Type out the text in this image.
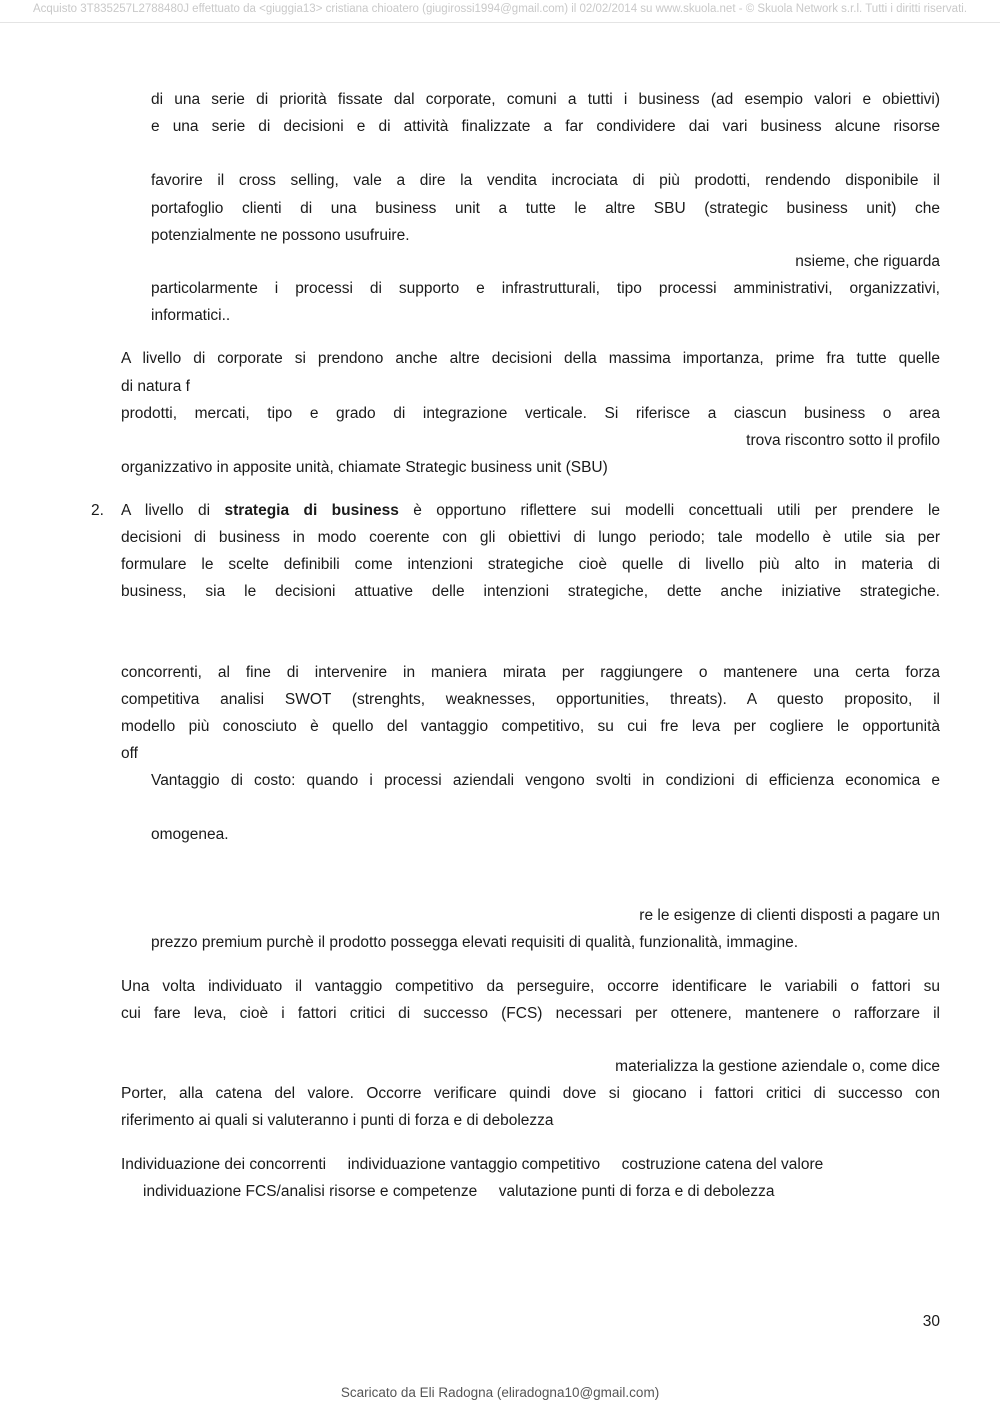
Acquisto 3T835257L2788480J effettuato da <giuggia13> cristiana chioatero (giugirossi1994@gmail.com) il 02/02/2014 su www.skuola.net - © Skuola Network s.r.l. Tutti i diritti riservati.
di una serie di priorità fissate dal corporate, comuni a tutti i business (ad esempio valori e obiettivi)
e una serie di decisioni e di attività finalizzate a far condividere dai vari business alcune risorse
favorire il cross selling, vale a dire la vendita incrociata di più prodotti, rendendo disponibile il
portafoglio clienti di una business unit a tutte le altre SBU (strategic business unit) che
potenzialmente ne possono usufruire.
nsieme, che riguarda
particolarmente i processi di supporto e infrastrutturali, tipo processi amministrativi, organizzativi,
informatici..
A livello di corporate si prendono anche altre decisioni della massima importanza, prime fra tutte quelle
di natura f
prodotti, mercati, tipo e grado di integrazione verticale. Si riferisce a ciascun business o area
trova riscontro sotto il profilo
organizzativo in apposite unità, chiamate Strategic business unit (SBU)
2. A livello di strategia di business è opportuno riflettere sui modelli concettuali utili per prendere le
decisioni di business in modo coerente con gli obiettivi di lungo periodo; tale modello è utile sia per
formulare le scelte definibili come intenzioni strategiche cioè quelle di livello più alto in materia di
business, sia le decisioni attuative delle intenzioni strategiche, dette anche iniziative strategiche.
concorrenti, al fine di intervenire in maniera mirata per raggiungere o mantenere una certa forza
competitiva analisi SWOT (strenghts, weaknesses, opportunities, threats). A questo proposito, il
modello più conosciuto è quello del vantaggio competitivo, su cui fre leva per cogliere le opportunità
off
Vantaggio di costo: quando i processi aziendali vengono svolti in condizioni di efficienza economica e
omogenea.
re le esigenze di clienti disposti a pagare un
prezzo premium purchè il prodotto possegga elevati requisiti di qualità, funzionalità, immagine.
Una volta individuato il vantaggio competitivo da perseguire, occorre identificare le variabili o fattori su
cui fare leva, cioè i fattori critici di successo (FCS) necessari per ottenere, mantenere o rafforzare il
materializza la gestione aziendale o, come dice
Porter, alla catena del valore. Occorre verificare quindi dove si giocano i fattori critici di successo con
riferimento ai quali si valuteranno i punti di forza e di debolezza
Individuazione dei concorrenti     individuazione vantaggio competitivo     costruzione catena del valore
individuazione FCS/analisi risorse e competenze     valutazione punti di forza e di debolezza
30
Scaricato da Eli Radogna (eliradogna10@gmail.com)
